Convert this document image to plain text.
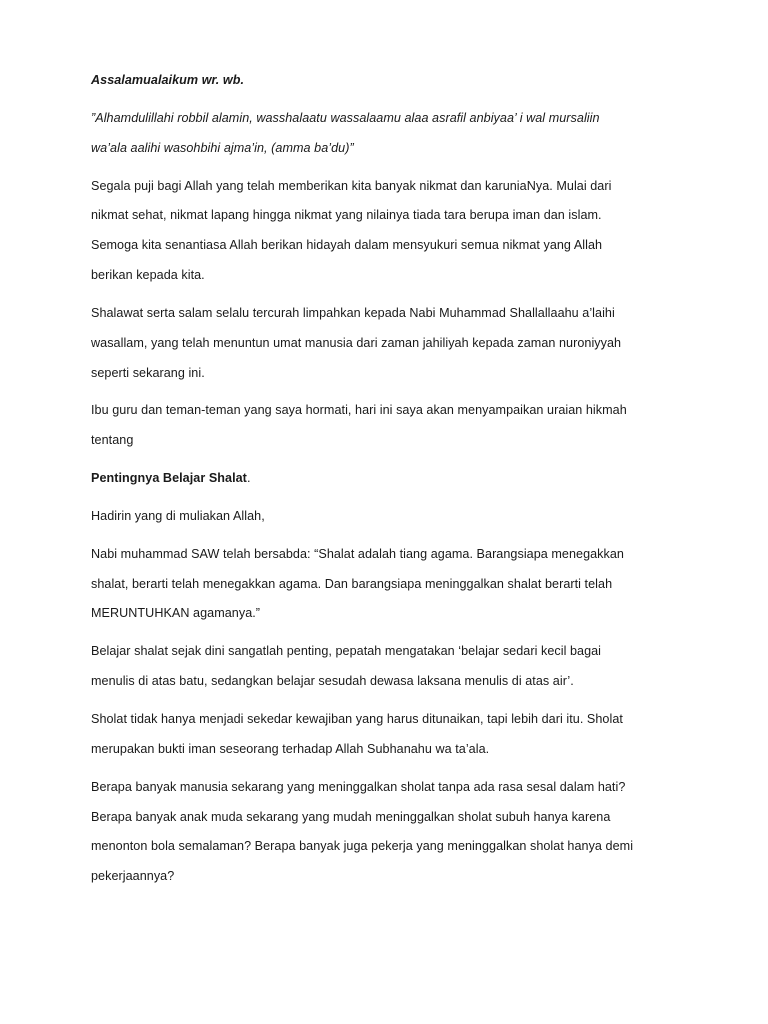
Assalamualaikum wr. wb.
”Alhamdulillahi robbil alamin, wasshalaatu wassalaamu alaa asrafil anbiyaa’ i wal mursaliin
wa’ala aalihi wasohbihi ajma’in, (amma ba’du)”
Segala puji bagi Allah yang telah memberikan kita banyak nikmat dan karuniaNya. Mulai dari
nikmat sehat, nikmat lapang hingga nikmat yang nilainya tiada tara berupa iman dan islam.
Semoga kita senantiasa Allah berikan hidayah dalam mensyukuri semua nikmat yang Allah
berikan kepada kita.
Shalawat serta salam selalu tercurah limpahkan kepada Nabi Muhammad Shallallaahu a’laihi
wasallam, yang telah menuntun umat manusia dari zaman jahiliyah kepada zaman nuroniyyah
seperti sekarang ini.
Ibu guru dan teman-teman yang saya hormati, hari ini saya akan menyampaikan uraian hikmah
tentang
Pentingnya Belajar Shalat.
Hadirin yang di muliakan Allah,
Nabi muhammad SAW telah bersabda: “Shalat adalah tiang agama. Barangsiapa menegakkan
shalat, berarti telah menegakkan agama. Dan barangsiapa meninggalkan shalat berarti telah
MERUNTUHKAN agamanya.”
Belajar shalat sejak dini sangatlah penting, pepatah mengatakan ‘belajar sedari kecil bagai
menulis di atas batu, sedangkan belajar sesudah dewasa laksana menulis di atas air’.
Sholat tidak hanya menjadi sekedar kewajiban yang harus ditunaikan, tapi lebih dari itu. Sholat
merupakan bukti iman seseorang terhadap Allah Subhanahu wa ta’ala.
Berapa banyak manusia sekarang yang meninggalkan sholat tanpa ada rasa sesal dalam hati?
Berapa banyak anak muda sekarang yang mudah meninggalkan sholat subuh hanya karena
menonton bola semalaman? Berapa banyak juga pekerja yang meninggalkan sholat hanya demi
pekerjaannya?
